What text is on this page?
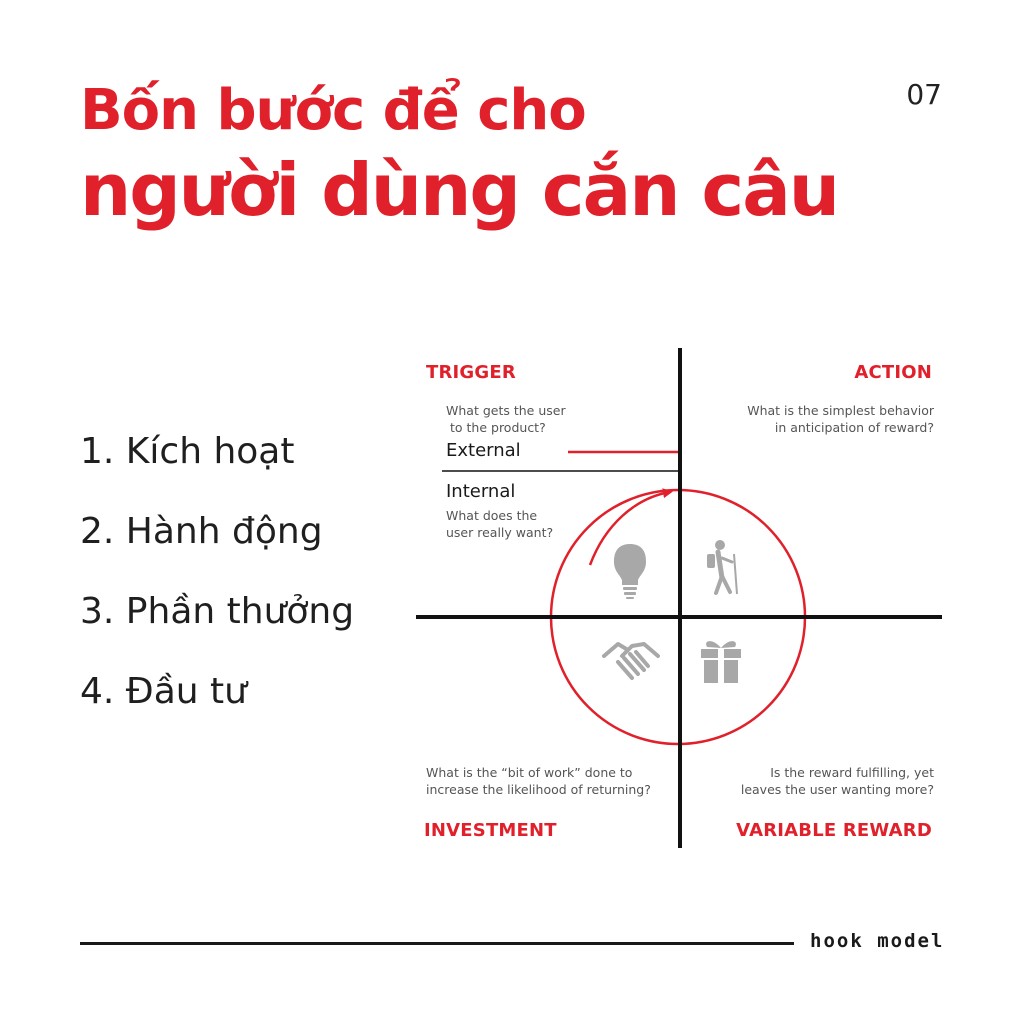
Bốn bước để cho
người dùng cắn câu
07
1. Kích hoạt
2. Hành động
3. Phần thưởng
4. Đầu tư
TRIGGER
What gets the user
to the product?
External
Internal
What does the
user really want?
ACTION
What is the simplest behavior
in anticipation of reward?
What is the “bit of work” done to
increase the likelihood of returning?
INVESTMENT
Is the reward fulfilling, yet
leaves the user wanting more?
VARIABLE REWARD
hook model
